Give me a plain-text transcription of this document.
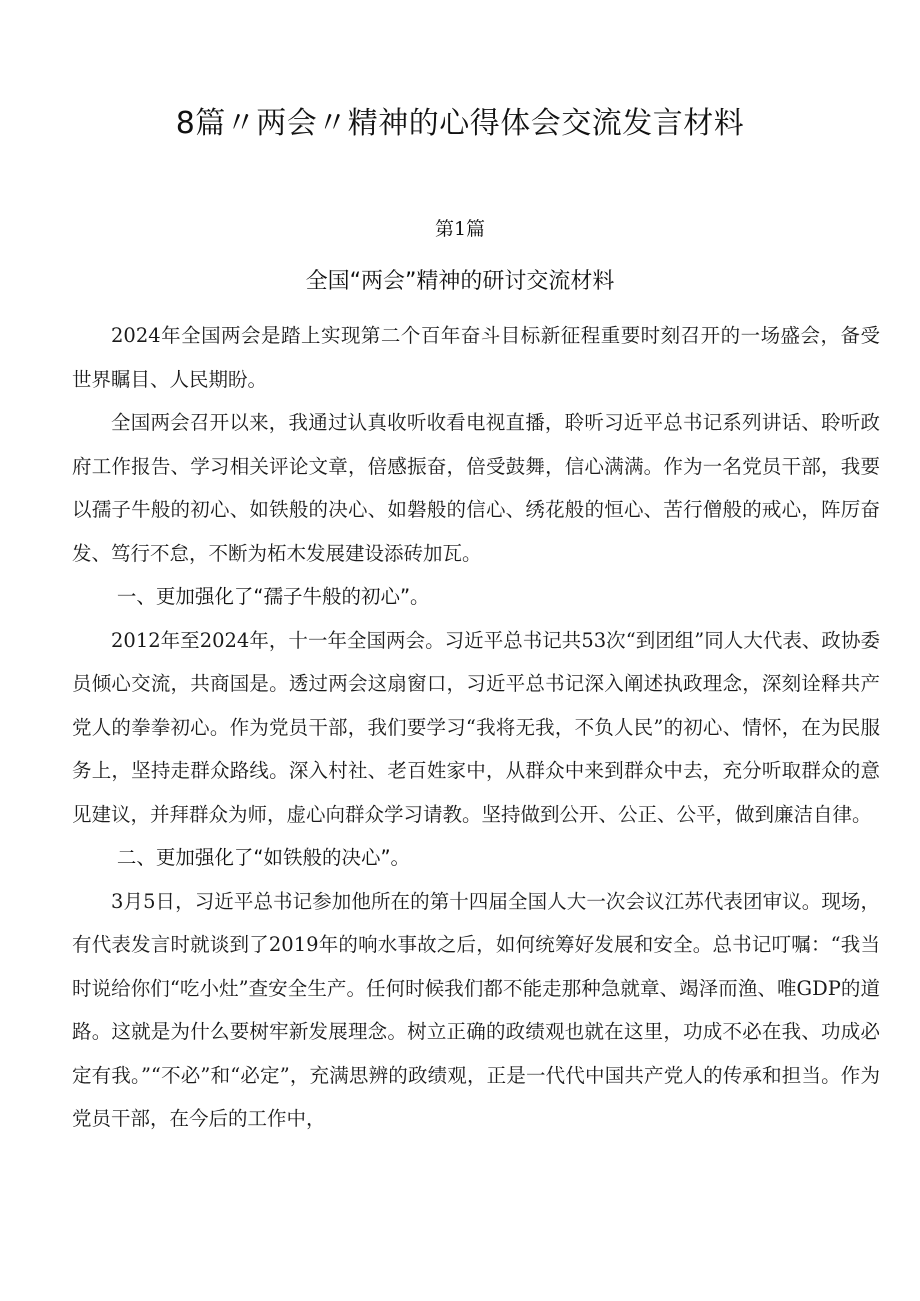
8篇〃两会〃精神的心得体会交流发言材料
第1篇
全国“两会”精神的研讨交流材料

2024年全国两会是踏上实现第二个百年奋斗目标新征程重要时刻召开的一场盛会，备受世界瞩目、人民期盼。

全国两会召开以来，我通过认真收听收看电视直播，聆听习近平总书记系列讲话、聆听政府工作报告、学习相关评论文章，倍感振奋，倍受鼓舞，信心满满。作为一名党员干部，我要以孺子牛般的初心、如铁般的决心、如磐般的信心、绣花般的恒心、苦行僧般的戒心，阵厉奋发、笃行不怠，不断为柘木发展建设添砖加瓦。

一、更加强化了“孺子牛般的初心”。

2012年至2024年，十一年全国两会。习近平总书记共53次“到团组”同人大代表、政协委员倾心交流，共商国是。透过两会这扇窗口，习近平总书记深入阐述执政理念，深刻诠释共产党人的拳拳初心。作为党员干部，我们要学习“我将无我，不负人民”的初心、情怀，在为民服务上，坚持走群众路线。深入村社、老百姓家中，从群众中来到群众中去，充分听取群众的意见建议，并拜群众为师，虚心向群众学习请教。坚持做到公开、公正、公平，做到廉洁自律。

二、更加强化了“如铁般的决心”。

3月5日，习近平总书记参加他所在的第十四届全国人大一次会议江苏代表团审议。现场，有代表发言时就谈到了2019年的响水事故之后，如何统筹好发展和安全。总书记叮嘱：“我当时说给你们“吃小灶”查安全生产。任何时候我们都不能走那种急就章、竭泽而渔、唯GDP的道路。这就是为什么要树牢新发展理念。树立正确的政绩观也就在这里，功成不必在我、功成必定有我。”“不必”和“必定”，充满思辨的政绩观，正是一代代中国共产党人的传承和担当。作为党员干部，在今后的工作中，
